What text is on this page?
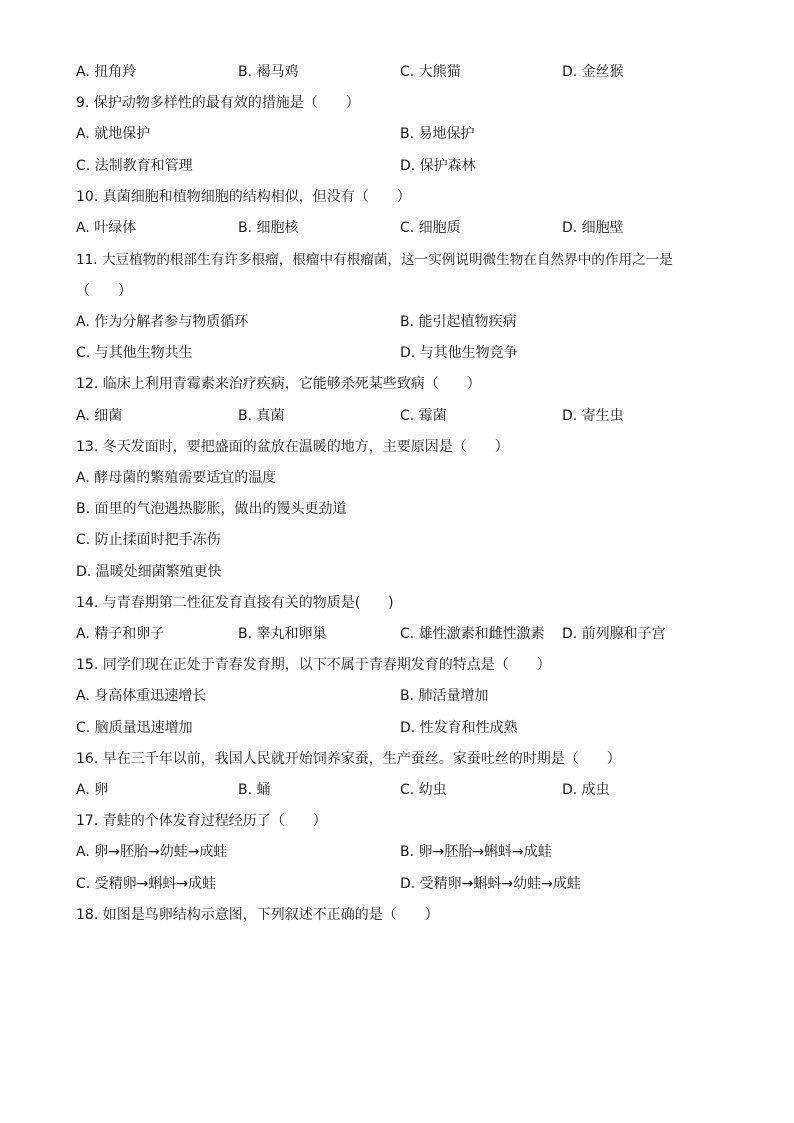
A. 扭角羚	B. 褐马鸡	C. 大熊猫	D. 金丝猴
9. 保护动物多样性的最有效的措施是（　　）
A. 就地保护	B. 易地保护
C. 法制教育和管理	D. 保护森林
10. 真菌细胞和植物细胞的结构相似，但没有（　　）
A. 叶绿体	B. 细胞核	C. 细胞质	D. 细胞壁
11. 大豆植物的根部生有许多根瘤，根瘤中有根瘤菌，这一实例说明微生物在自然界中的作用之一是
（　　）
A. 作为分解者参与物质循环	B. 能引起植物疾病
C. 与其他生物共生	D. 与其他生物竞争
12. 临床上利用青霉素来治疗疾病，它能够杀死某些致病（　　）
A. 细菌	B. 真菌	C. 霉菌	D. 寄生虫
13. 冬天发面时，要把盛面的盆放在温暖的地方，主要原因是（　　）
A. 酵母菌的繁殖需要适宜的温度
B. 面里的气泡遇热膨胀，做出的馒头更劲道
C. 防止揉面时把手冻伤
D. 温暖处细菌繁殖更快
14. 与青春期第二性征发育直接有关的物质是(　　)
A. 精子和卵子	B. 睾丸和卵巢	C. 雄性激素和雌性激素 D. 前列腺和子宫
15. 同学们现在正处于青春发育期，以下不属于青春期发育的特点是（　　）
A. 身高体重迅速增长	B. 肺活量增加
C. 脑质量迅速增加	D. 性发育和性成熟
16. 早在三千年以前，我国人民就开始饲养家蚕，生产蚕丝。家蚕吐丝的时期是（　　）
A. 卵	B. 蛹	C. 幼虫	D. 成虫
17. 青蛙的个体发育过程经历了（　　）
A. 卵→胚胎→幼蛙→成蛙	B. 卵→胚胎→蝌蚪→成蛙
C. 受精卵→蝌蚪→成蛙	D. 受精卵→蝌蚪→幼蛙→成蛙
18. 如图是鸟卵结构示意图，下列叙述不正确的是（　　）
